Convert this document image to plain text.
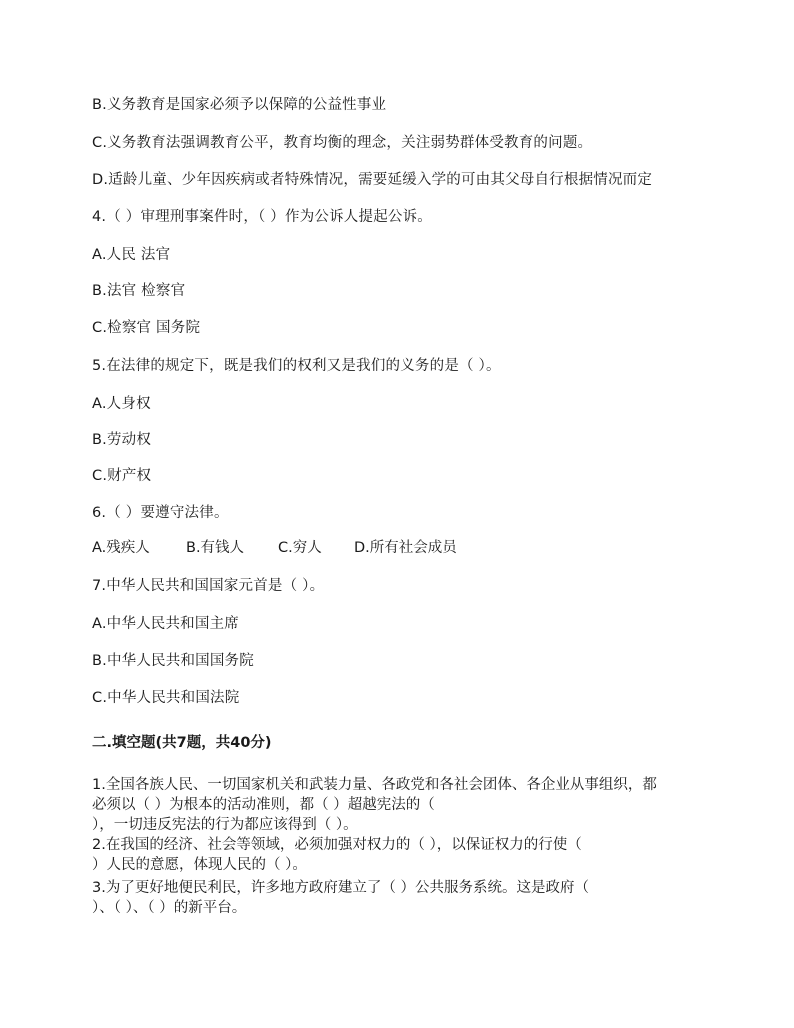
B.义务教育是国家必须予以保障的公益性事业
C.义务教育法强调教育公平，教育均衡的理念，关注弱势群体受教育的问题。
D.适龄儿童、少年因疾病或者特殊情况，需要延缓入学的可由其父母自行根据情况而定
4.（ ）审理刑事案件时，（ ）作为公诉人提起公诉。
A.人民 法官
B.法官 检察官
C.检察官 国务院
5.在法律的规定下，既是我们的权利又是我们的义务的是（ ）。
A.人身权
B.劳动权
C.财产权
6.（ ）要遵守法律。
A.残疾人 B.有钱人 C.穷人 D.所有社会成员
7.中华人民共和国国家元首是（ ）。
A.中华人民共和国主席
B.中华人民共和国国务院
C.中华人民共和国法院
二.填空题(共7题，共40分)
1.全国各族人民、一切国家机关和武装力量、各政党和各社会团体、各企业从事组织，都
必须以（ ）为根本的活动准则，都（ ）超越宪法的（
），一切违反宪法的行为都应该得到（ ）。
2.在我国的经济、社会等领域，必须加强对权力的（ ），以保证权力的行使（
）人民的意愿，体现人民的（ ）。
3.为了更好地便民利民，许多地方政府建立了（ ）公共服务系统。这是政府（
）、（ ）、（ ）的新平台。
